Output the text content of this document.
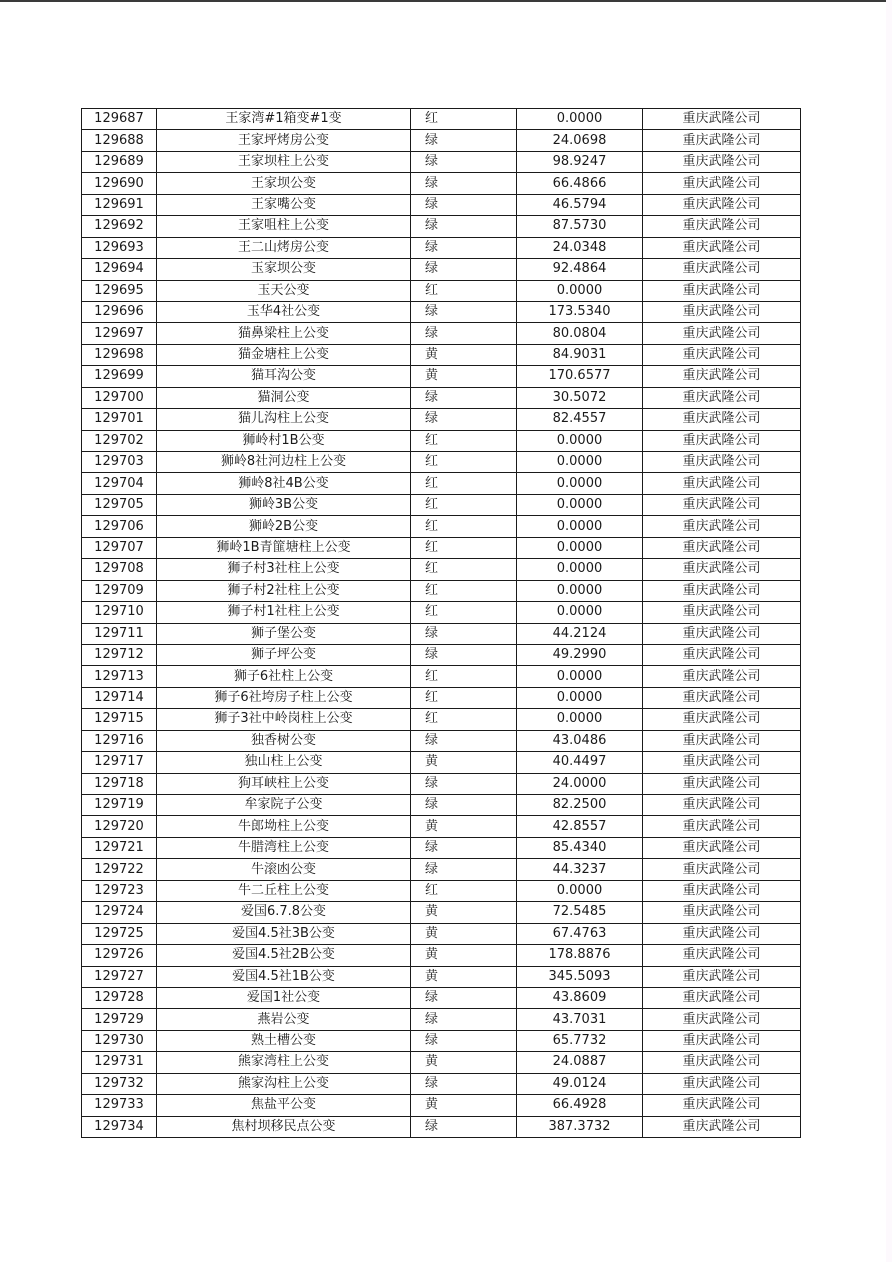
129687	王家湾#1箱变#1变	红	0.0000	重庆武隆公司
129688	王家坪烤房公变	绿	24.0698	重庆武隆公司
129689	王家坝柱上公变	绿	98.9247	重庆武隆公司
129690	王家坝公变	绿	66.4866	重庆武隆公司
129691	王家嘴公变	绿	46.5794	重庆武隆公司
129692	王家咀柱上公变	绿	87.5730	重庆武隆公司
129693	王二山烤房公变	绿	24.0348	重庆武隆公司
129694	玉家坝公变	绿	92.4864	重庆武隆公司
129695	玉天公变	红	0.0000	重庆武隆公司
129696	玉华4社公变	绿	173.5340	重庆武隆公司
129697	猫鼻梁柱上公变	绿	80.0804	重庆武隆公司
129698	猫金塘柱上公变	黄	84.9031	重庆武隆公司
129699	猫耳沟公变	黄	170.6577	重庆武隆公司
129700	猫洞公变	绿	30.5072	重庆武隆公司
129701	猫儿沟柱上公变	绿	82.4557	重庆武隆公司
129702	狮岭村1B公变	红	0.0000	重庆武隆公司
129703	狮岭8社河边柱上公变	红	0.0000	重庆武隆公司
129704	狮岭8社4B公变	红	0.0000	重庆武隆公司
129705	狮岭3B公变	红	0.0000	重庆武隆公司
129706	狮岭2B公变	红	0.0000	重庆武隆公司
129707	狮岭1B青篚塘柱上公变	红	0.0000	重庆武隆公司
129708	狮子村3社柱上公变	红	0.0000	重庆武隆公司
129709	狮子村2社柱上公变	红	0.0000	重庆武隆公司
129710	狮子村1社柱上公变	红	0.0000	重庆武隆公司
129711	狮子堡公变	绿	44.2124	重庆武隆公司
129712	狮子坪公变	绿	49.2990	重庆武隆公司
129713	狮子6社柱上公变	红	0.0000	重庆武隆公司
129714	狮子6社垮房子柱上公变	红	0.0000	重庆武隆公司
129715	狮子3社中岭岗柱上公变	红	0.0000	重庆武隆公司
129716	独香树公变	绿	43.0486	重庆武隆公司
129717	独山柱上公变	黄	40.4497	重庆武隆公司
129718	狗耳峡柱上公变	绿	24.0000	重庆武隆公司
129719	牟家院子公变	绿	82.2500	重庆武隆公司
129720	牛郎坳柱上公变	黄	42.8557	重庆武隆公司
129721	牛腊湾柱上公变	绿	85.4340	重庆武隆公司
129722	牛滚凼公变	绿	44.3237	重庆武隆公司
129723	牛二丘柱上公变	红	0.0000	重庆武隆公司
129724	爱国6.7.8公变	黄	72.5485	重庆武隆公司
129725	爱国4.5社3B公变	黄	67.4763	重庆武隆公司
129726	爱国4.5社2B公变	黄	178.8876	重庆武隆公司
129727	爱国4.5社1B公变	黄	345.5093	重庆武隆公司
129728	爱国1社公变	绿	43.8609	重庆武隆公司
129729	燕岩公变	绿	43.7031	重庆武隆公司
129730	熟土槽公变	绿	65.7732	重庆武隆公司
129731	熊家湾柱上公变	黄	24.0887	重庆武隆公司
129732	熊家沟柱上公变	绿	49.0124	重庆武隆公司
129733	焦盐平公变	黄	66.4928	重庆武隆公司
129734	焦村坝移民点公变	绿	387.3732	重庆武隆公司
